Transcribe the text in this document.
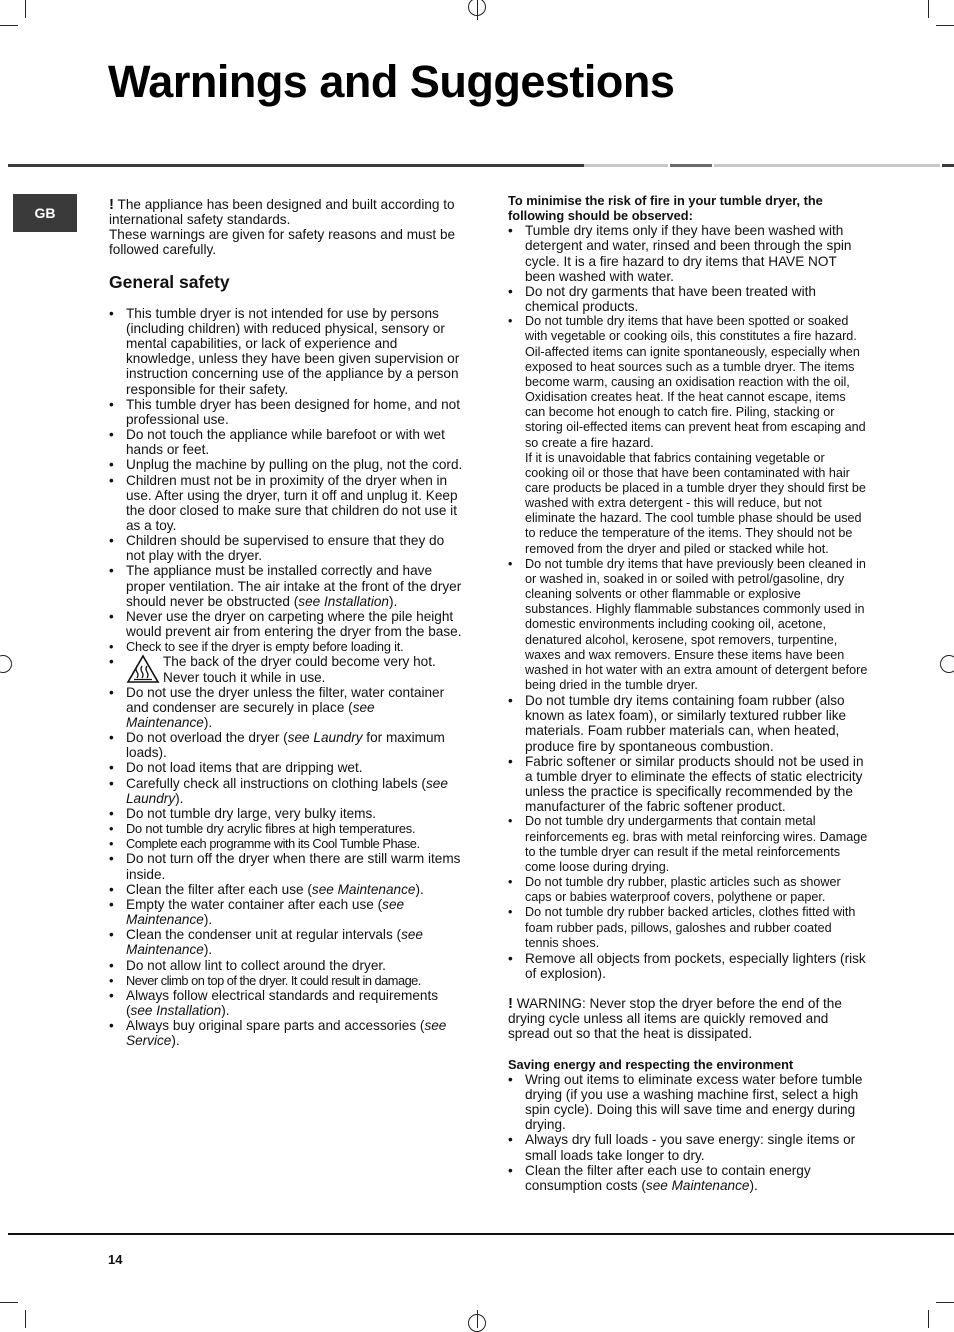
Warnings and Suggestions
GB	! The appliance has been designed and built according to international safety standards.

These warnings are given for safety reasons and must be followed carefully.

General safety
• This tumble dryer is not intended for use by persons (including children) with reduced physical, sensory or mental capabilities, or lack of experience and knowledge, unless they have been given supervision or instruction concerning use of the appliance by a person responsible for their safety.
• This tumble dryer has been designed for home, and not professional use.
• Do not touch the appliance while barefoot or with wet hands or feet.
• Unplug the machine by pulling on the plug, not the cord.
• Children must not be in proximity of the dryer when in use. After using the dryer, turn it off and unplug it. Keep the door closed to make sure that children do not use it as a toy.
• Children should be supervised to ensure that they do not play with the dryer.
• The appliance must be installed correctly and have proper ventilation. The air intake at the front of the dryer should never be obstructed (see Installation).
• Never use the dryer on carpeting where the pile height would prevent air from entering the dryer from the base.
• Check to see if the dryer is empty before loading it.
• The back of the dryer could become very hot. Never touch it while in use.
• Do not use the dryer unless the filter, water container and condenser are securely in place (see Maintenance).
• Do not overload the dryer (see Laundry for maximum loads).
• Do not load items that are dripping wet.
• Carefully check all instructions on clothing labels (see Laundry).
• Do not tumble dry large, very bulky items.
• Do not tumble dry acrylic fibres at high temperatures.
• Complete each programme with its Cool Tumble Phase.
• Do not turn off the dryer when there are still warm items inside.
• Clean the filter after each use (see Maintenance).
• Empty the water container after each use (see
Maintenance).
• Clean the condenser unit at regular intervals (see Maintenance).
• Do not allow lint to collect around the dryer.
• Never climb on top of the dryer. It could result in damage.
• Always follow electrical standards and requirements (see Installation).
• Always buy original spare parts and accessories (see Service).

To minimise the risk of fire in your tumble dryer, the following should be observed:

• Tumble dry items only if they have been washed with detergent and water, rinsed and been through the spin cycle. It is a fire hazard to dry items that HAVE NOT been washed with water.
• Do not dry garments that have been treated with chemical products.
• Do not tumble dry items that have been spotted or soaked with vegetable or cooking oils, this constitutes a fire hazard. Oil-affected items can ignite spontaneously, especially when exposed to heat sources such as a tumble dryer. The items become warm, causing an oxidisation reaction with the oil, Oxidisation creates heat. If the heat cannot escape, items can become hot enough to catch fire. Piling, stacking or storing oil-effected items can prevent heat from escaping and so create a fire hazard.
If it is unavoidable that fabrics containing vegetable or cooking oil or those that have been contaminated with hair care products be placed in a tumble dryer they should first be washed with extra detergent - this will reduce, but not eliminate the hazard. The cool tumble phase should be used to reduce the temperature of the items. They should not be removed from the dryer and piled or stacked while hot.
• Do not tumble dry items that have previously been cleaned in or washed in, soaked in or soiled with petrol/gasoline, dry cleaning solvents or other flammable or explosive substances. Highly flammable substances commonly used in domestic environments including cooking oil, acetone, denatured alcohol, kerosene, spot removers, turpentine, waxes and wax removers. Ensure these items have been washed in hot water with an extra amount of detergent before being dried in the tumble dryer.
• Do not tumble dry items containing foam rubber (also known as latex foam), or similarly textured rubber like materials. Foam rubber materials can, when heated, produce fire by spontaneous combustion.
• Fabric softener or similar products should not be used in a tumble dryer to eliminate the effects of static electricity unless the practice is specifically recommended by the manufacturer of the fabric softener product.
• Do not tumble dry undergarments that contain metal reinforcements eg. bras with metal reinforcing wires. Damage to the tumble dryer can result if the metal reinforcements come loose during drying.
• Do not tumble dry rubber, plastic articles such as shower caps or babies waterproof covers, polythene or paper.
• Do not tumble dry rubber backed articles, clothes fitted with foam rubber pads, pillows, galoshes and rubber coated tennis shoes.
• Remove all objects from pockets, especially lighters (risk of explosion).

! WARNING: Never stop the dryer before the end of the drying cycle unless all items are quickly removed and spread out so that the heat is dissipated.

Saving energy and respecting the environment

• Wring out items to eliminate excess water before tumble drying (if you use a washing machine first, select a high spin cycle). Doing this will save time and energy during drying.
• Always dry full loads - you save energy: single items or small loads take longer to dry.
• Clean the filter after each use to contain energy consumption costs (see Maintenance).
14
